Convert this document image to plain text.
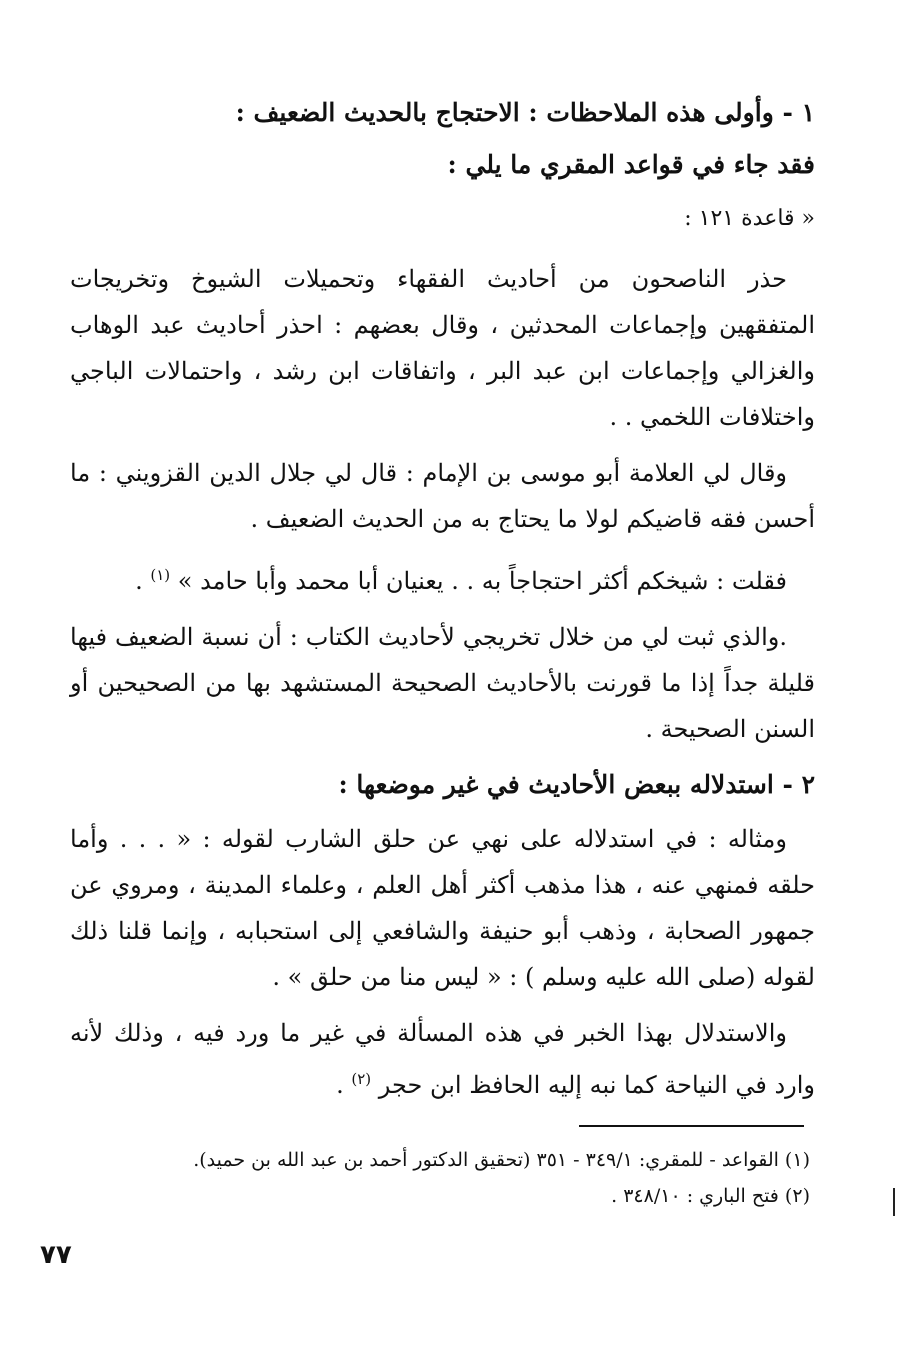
١ - وأولى هذه الملاحظات : الاحتجاج بالحديث الضعيف :

فقد جاء في قواعد المقري ما يلي :

« قاعدة ١٢١ :

حذر الناصحون من أحاديث الفقهاء وتحميلات الشيوخ وتخريجات المتفقهين وإجماعات المحدثين ، وقال بعضهم : احذر أحاديث عبد الوهاب والغزالي وإجماعات ابن عبد البر ، واتفاقات ابن رشد ، واحتمالات الباجي واختلافات اللخمي . .

وقال لي العلامة أبو موسى بن الإمام : قال لي جلال الدين القزويني : ما أحسن فقه قاضيكم لولا ما يحتاج به من الحديث الضعيف .

فقلت : شيخكم أكثر احتجاجاً به . . يعنيان أبا محمد وأبا حامد » $^{(١)}$ .

.والذي ثبت لي من خلال تخريجي لأحاديث الكتاب : أن نسبة الضعيف فيها قليلة جداً إذا ما قورنت بالأحاديث الصحيحة المستشهد بها من الصحيحين أو السنن الصحيحة .

٢ - استدلاله ببعض الأحاديث في غير موضعها :

ومثاله : في استدلاله على نهي عن حلق الشارب لقوله : « . . . وأما حلقه فمنهي عنه ، هذا مذهب أكثر أهل العلم ، وعلماء المدينة ، ومروي عن جمهور الصحابة ، وذهب أبو حنيفة والشافعي إلى استحبابه ، وإنما قلنا ذلك لقوله (صلى الله عليه وسلم ) : « ليس منا من حلق » .

والاستدلال بهذا الخبر في هذه المسألة في غير ما ورد فيه ، وذلك لأنه وارد في النياحة كما نبه إليه الحافظ ابن حجر $^{(٢)}$ .

(١) القواعد - للمقري: ٣٤٩/١ - ٣٥١ (تحقيق الدكتور أحمد بن عبد الله بن حميد).

(٢) فتح الباري : ٣٤٨/١٠ .

٧٧
